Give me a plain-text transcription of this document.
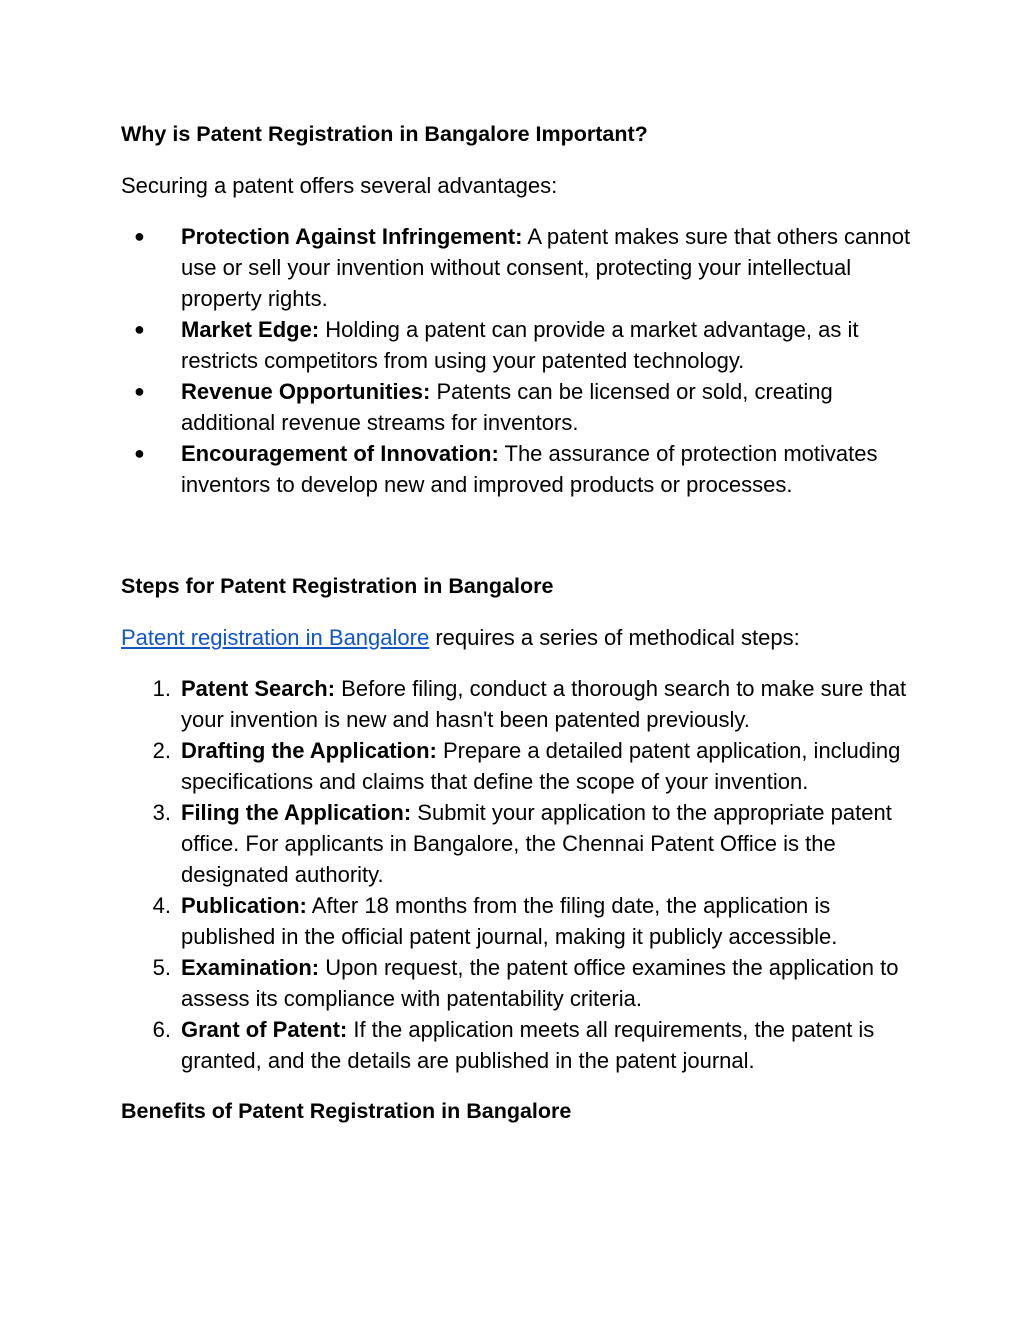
Why is Patent Registration in Bangalore Important?

Securing a patent offers several advantages:

● Protection Against Infringement: A patent makes sure that others cannot use or sell your invention without consent, protecting your intellectual property rights.
● Market Edge: Holding a patent can provide a market advantage, as it restricts competitors from using your patented technology.
● Revenue Opportunities: Patents can be licensed or sold, creating additional revenue streams for inventors.
● Encouragement of Innovation: The assurance of protection motivates inventors to develop new and improved products or processes.
Steps for Patent Registration in Bangalore

Patent registration in Bangalore requires a series of methodical steps:

1. Patent Search: Before filing, conduct a thorough search to make sure that your invention is new and hasn't been patented previously.
2. Drafting the Application: Prepare a detailed patent application, including specifications and claims that define the scope of your invention.
3. Filing the Application: Submit your application to the appropriate patent office. For applicants in Bangalore, the Chennai Patent Office is the designated authority.
4. Publication: After 18 months from the filing date, the application is published in the official patent journal, making it publicly accessible.
5. Examination: Upon request, the patent office examines the application to assess its compliance with patentability criteria.
6. Grant of Patent: If the application meets all requirements, the patent is granted, and the details are published in the patent journal.
Benefits of Patent Registration in Bangalore
